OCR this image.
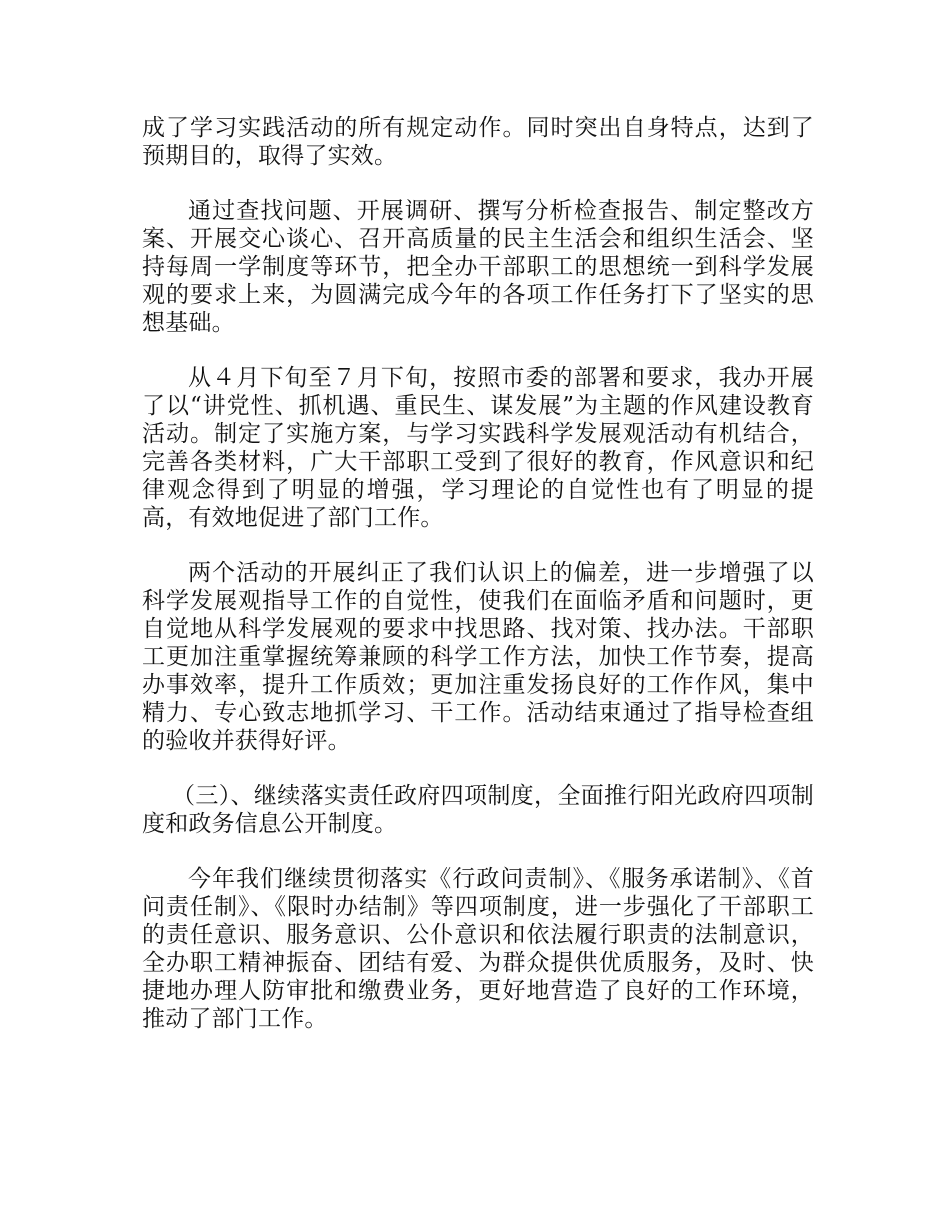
成了学习实践活动的所有规定动作。同时突出自身特点，达到了预期目的，取得了实效。

通过查找问题、开展调研、撰写分析检查报告、制定整改方案、开展交心谈心、召开高质量的民主生活会和组织生活会、坚持每周一学制度等环节，把全办干部职工的思想统一到科学发展观的要求上来，为圆满完成今年的各项工作任务打下了坚实的思想基础。

从４月下旬至７月下旬，按照市委的部署和要求，我办开展了以“讲党性、抓机遇、重民生、谋发展”为主题的作风建设教育活动。制定了实施方案，与学习实践科学发展观活动有机结合，完善各类材料，广大干部职工受到了很好的教育，作风意识和纪律观念得到了明显的增强，学习理论的自觉性也有了明显的提高，有效地促进了部门工作。

两个活动的开展纠正了我们认识上的偏差，进一步增强了以科学发展观指导工作的自觉性，使我们在面临矛盾和问题时，更自觉地从科学发展观的要求中找思路、找对策、找办法。干部职工更加注重掌握统筹兼顾的科学工作方法，加快工作节奏，提高办事效率，提升工作质效；更加注重发扬良好的工作作风，集中精力、专心致志地抓学习、干工作。活动结束通过了指导检查组的验收并获得好评。

（三）、继续落实责任政府四项制度，全面推行阳光政府四项制度和政务信息公开制度。

今年我们继续贯彻落实《行政问责制》、《服务承诺制》、《首问责任制》、《限时办结制》等四项制度，进一步强化了干部职工的责任意识、服务意识、公仆意识和依法履行职责的法制意识，全办职工精神振奋、团结有爱、为群众提供优质服务，及时、快捷地办理人防审批和缴费业务，更好地营造了良好的工作环境，推动了部门工作。
